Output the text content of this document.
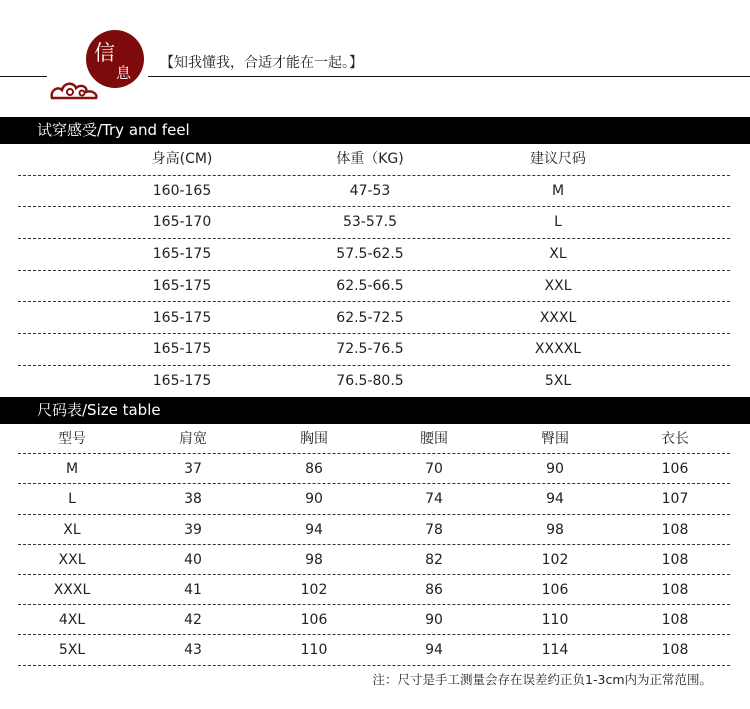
信
息
【知我懂我，合适才能在一起。】
试穿感受/Try and feel
身高(CM)	体重（KG)	建议尺码
160-165	47-53	M
165-170	53-57.5	L
165-175	57.5-62.5	XL
165-175	62.5-66.5	XXL
165-175	62.5-72.5	XXXL
165-175	72.5-76.5	XXXXL
165-175	76.5-80.5	5XL
尺码表/Size table
型号	肩宽	胸围	腰围	臀围	衣长
M	37	86	70	90	106
L	38	90	74	94	107
XL	39	94	78	98	108
XXL	40	98	82	102	108
XXXL	41	102	86	106	108
4XL	42	106	90	110	108
5XL	43	110	94	114	108
注：尺寸是手工测量会存在误差约正负1-3cm内为正常范围。
